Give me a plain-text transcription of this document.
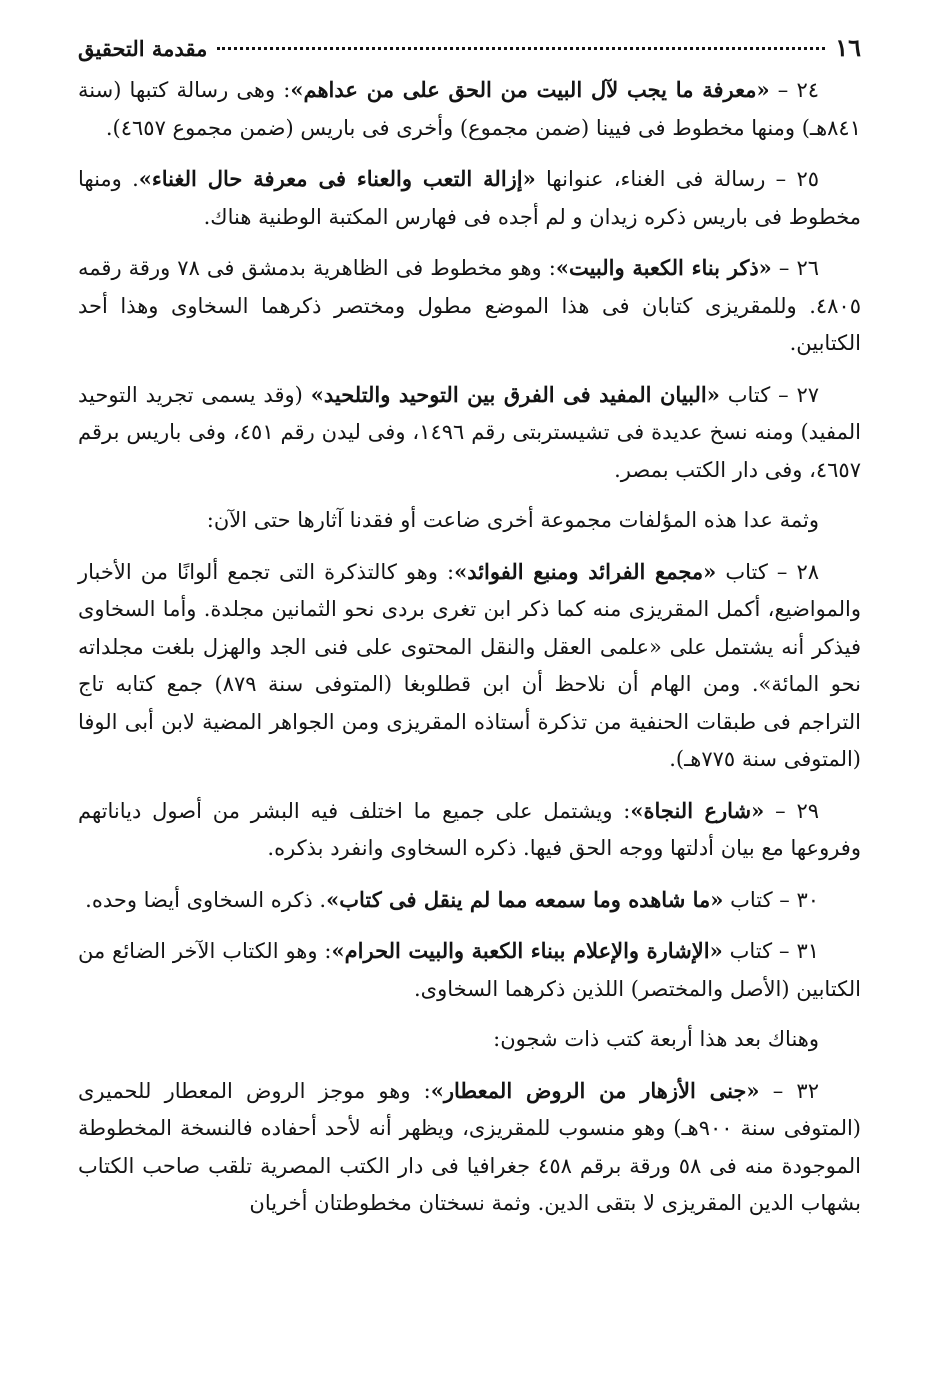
١٦
مقدمة التحقيق

٢٤ – «معرفة ما يجب لآل البيت من الحق على من عداهم»: وهى رسالة كتبها (سنة ٨٤١هـ) ومنها مخطوط فى فيينا (ضمن مجموع) وأخرى فى باريس (ضمن مجموع ٤٦٥٧).

٢٥ – رسالة فى الغناء، عنوانها «إزالة التعب والعناء فى معرفة حال الغناء». ومنها مخطوط فى باريس ذكره زيدان و لم أجده فى فهارس المكتبة الوطنية هناك.

٢٦ – «ذكر بناء الكعبة والبيت»: وهو مخطوط فى الظاهرية بدمشق فى ٧٨ ورقة رقمه ٤٨٠٥. وللمقريزى كتابان فى هذا الموضع مطول ومختصر ذكرهما السخاوى وهذا أحد الكتابين.

٢٧ – كتاب «البيان المفيد فى الفرق بين التوحيد والتلحيد» (وقد يسمى تجريد التوحيد المفيد) ومنه نسخ عديدة فى تشيستربتى رقم ١٤٩٦، وفى ليدن رقم ٤٥١، وفى باريس برقم ٤٦٥٧، وفى دار الكتب بمصر.

وثمة عدا هذه المؤلفات مجموعة أخرى ضاعت أو فقدنا آثارها حتى الآن:

٢٨ – كتاب «مجمع الفرائد ومنبع الفوائد»: وهو كالتذكرة التى تجمع ألوانًا من الأخبار والمواضيع، أكمل المقريزى منه كما ذكر ابن تغرى بردى نحو الثمانين مجلدة. وأما السخاوى فيذكر أنه يشتمل على «علمى العقل والنقل المحتوى على فنى الجد والهزل بلغت مجلداته نحو المائة». ومن الهام أن نلاحظ أن ابن قطلوبغا (المتوفى سنة ٨٧٩) جمع كتابه تاج التراجم فى طبقات الحنفية من تذكرة أستاذه المقريزى ومن الجواهر المضية لابن أبى الوفا (المتوفى سنة ٧٧٥هـ).

٢٩ – «شارع النجاة»: ويشتمل على جميع ما اختلف فيه البشر من أصول دياناتهم وفروعها مع بيان أدلتها ووجه الحق فيها. ذكره السخاوى وانفرد بذكره.

٣٠ – كتاب «ما شاهده وما سمعه مما لم ينقل فى كتاب». ذكره السخاوى أيضا وحده.

٣١ – كتاب «الإشارة والإعلام ببناء الكعبة والبيت الحرام»: وهو الكتاب الآخر الضائع من الكتابين (الأصل والمختصر) اللذين ذكرهما السخاوى.

وهناك بعد هذا أربعة كتب ذات شجون:

٣٢ – «جنى الأزهار من الروض المعطار»: وهو موجز الروض المعطار للحميرى (المتوفى سنة ٩٠٠هـ) وهو منسوب للمقريزى، ويظهر أنه لأحد أحفاده فالنسخة المخطوطة الموجودة منه فى ٥٨ ورقة برقم ٤٥٨ جغرافيا فى دار الكتب المصرية تلقب صاحب الكتاب بشهاب الدين المقريزى لا بتقى الدين. وثمة نسختان مخطوطتان أخريان
